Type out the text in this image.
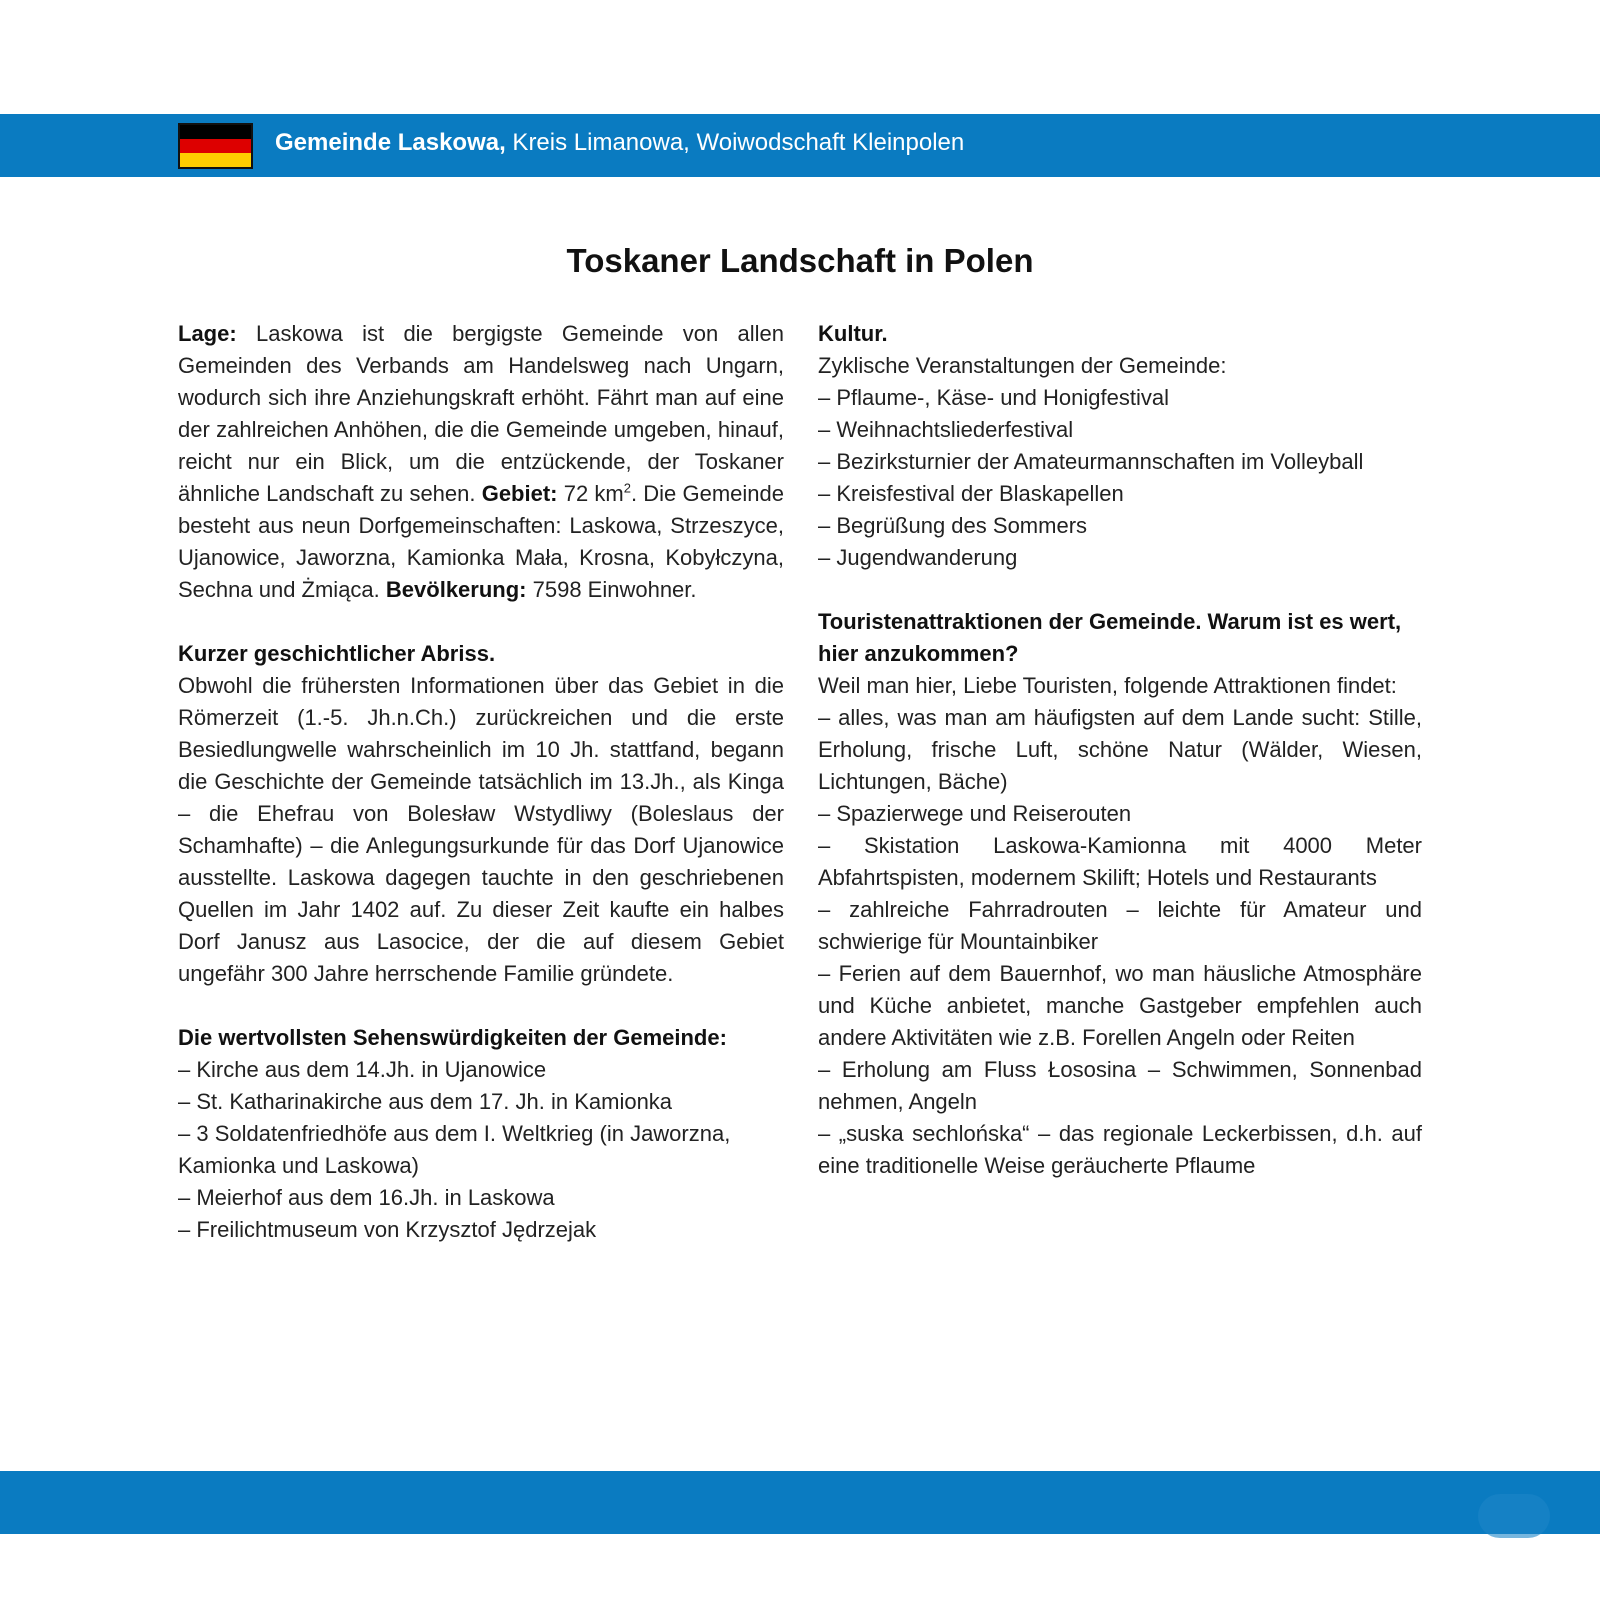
Gemeinde Laskowa, Kreis Limanowa, Woiwodschaft Kleinpolen
Toskaner Landschaft in Polen

Lage: Laskowa ist die bergigste Gemeinde von allen Gemeinden des Verbands am Handelsweg nach Ungarn, wodurch sich ihre Anziehungskraft erhöht. Fährt man auf eine der zahlreichen Anhöhen, die die Gemeinde umgeben, hinauf, reicht nur ein Blick, um die entzückende, der Toskaner ähnliche Landschaft zu sehen. Gebiet: 72 $km^2$. Die Gemeinde besteht aus neun Dorfgemeinschaften: Laskowa, Strzeszyce, Ujanowice, Jaworzna, Kamionka Mała, Krosna, Kobyłczyna, Sechna und Żmiąca. Bevölkerung: 7598 Einwohner.

Kurzer geschichtlicher Abriss.

Obwohl die frühersten Informationen über das Gebiet in die Römerzeit (1.-5. Jh.n.Ch.) zurückreichen und die erste Besiedlungwelle wahrscheinlich im 10 Jh. stattfand, begann die Geschichte der Gemeinde tatsächlich im 13.Jh., als Kinga – die Ehefrau von Bolesław Wstydliwy (Boleslaus der Schamhafte) – die Anlegungsurkunde für das Dorf Ujanowice ausstellte. Laskowa dagegen tauchte in den geschriebenen Quellen im Jahr 1402 auf. Zu dieser Zeit kaufte ein halbes Dorf Janusz aus Lasocice, der die auf diesem Gebiet ungefähr 300 Jahre herrschende Familie gründete.

Die wertvollsten Sehenswürdigkeiten der Gemeinde:

– Kirche aus dem 14.Jh. in Ujanowice

– St. Katharinakirche aus dem 17. Jh. in Kamionka

– 3 Soldatenfriedhöfe aus dem I. Weltkrieg (in Jaworzna, Kamionka und Laskowa)

– Meierhof aus dem 16.Jh. in Laskowa

– Freilichtmuseum von Krzysztof Jędrzejak

Kultur.

Zyklische Veranstaltungen der Gemeinde:

– Pflaume-, Käse- und Honigfestival

– Weihnachtsliederfestival

– Bezirksturnier der Amateurmannschaften im Volleyball

– Kreisfestival der Blaskapellen

– Begrüßung des Sommers

– Jugendwanderung

Touristenattraktionen der Gemeinde. Warum ist es wert, hier anzukommen?

Weil man hier, Liebe Touristen, folgende Attraktionen findet:

– alles, was man am häufigsten auf dem Lande sucht: Stille, Erholung, frische Luft, schöne Natur (Wälder, Wiesen, Lichtungen, Bäche)

– Spazierwege und Reiserouten

– Skistation Laskowa-Kamionna mit 4000 Meter Abfahrtspisten, modernem Skilift; Hotels und Restaurants

– zahlreiche Fahrradrouten – leichte für Amateur und schwierige für Mountainbiker

– Ferien auf dem Bauernhof, wo man häusliche Atmosphäre und Küche anbietet, manche Gastgeber empfehlen auch andere Aktivitäten wie z.B. Forellen Angeln oder Reiten

– Erholung am Fluss Łososina – Schwimmen, Sonnenbad nehmen, Angeln

– „suska sechlońska“ – das regionale Leckerbissen, d.h. auf eine traditionelle Weise geräucherte Pflaume
